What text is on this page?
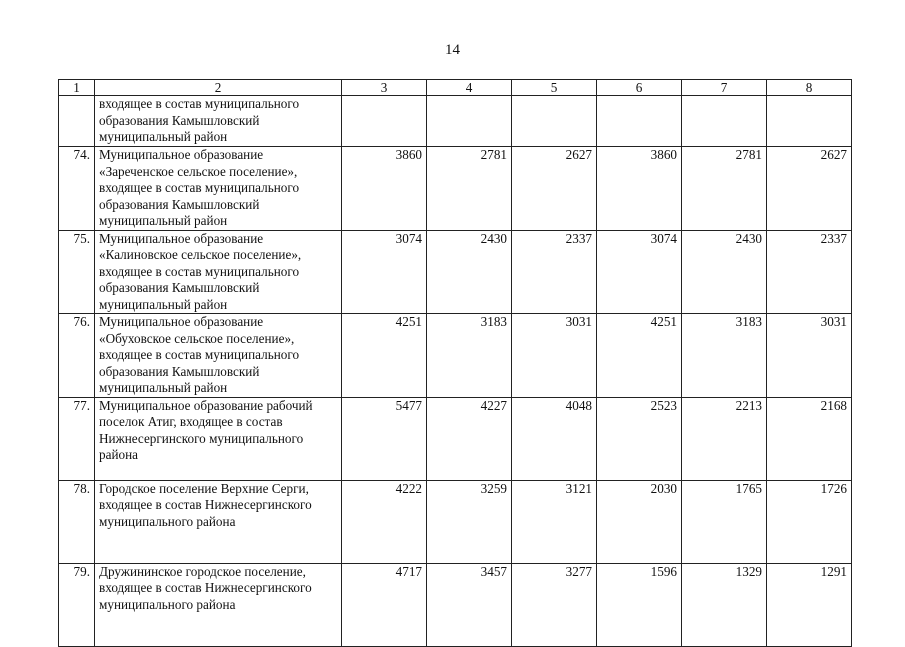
14
1	2	3	4	5	6	7	8
	входящее в состав муниципального образования Камышловский муниципальный район						
74.	Муниципальное образование «Зареченское сельское поселение», входящее в состав муниципального образования Камышловский муниципальный район	3860	2781	2627	3860	2781	2627
75.	Муниципальное образование «Калиновское сельское поселение», входящее в состав муниципального образования Камышловский муниципальный район	3074	2430	2337	3074	2430	2337
76.	Муниципальное образование «Обуховское сельское поселение», входящее в состав муниципального образования Камышловский муниципальный район	4251	3183	3031	4251	3183	3031
77.	Муниципальное образование рабочий поселок Атиг, входящее в состав Нижнесергинского муниципального района	5477	4227	4048	2523	2213	2168
78.	Городское поселение Верхние Серги, входящее в состав Нижнесергинского муниципального района	4222	3259	3121	2030	1765	1726
79.	Дружининское городское поселение, входящее в состав Нижнесергинского муниципального района	4717	3457	3277	1596	1329	1291
